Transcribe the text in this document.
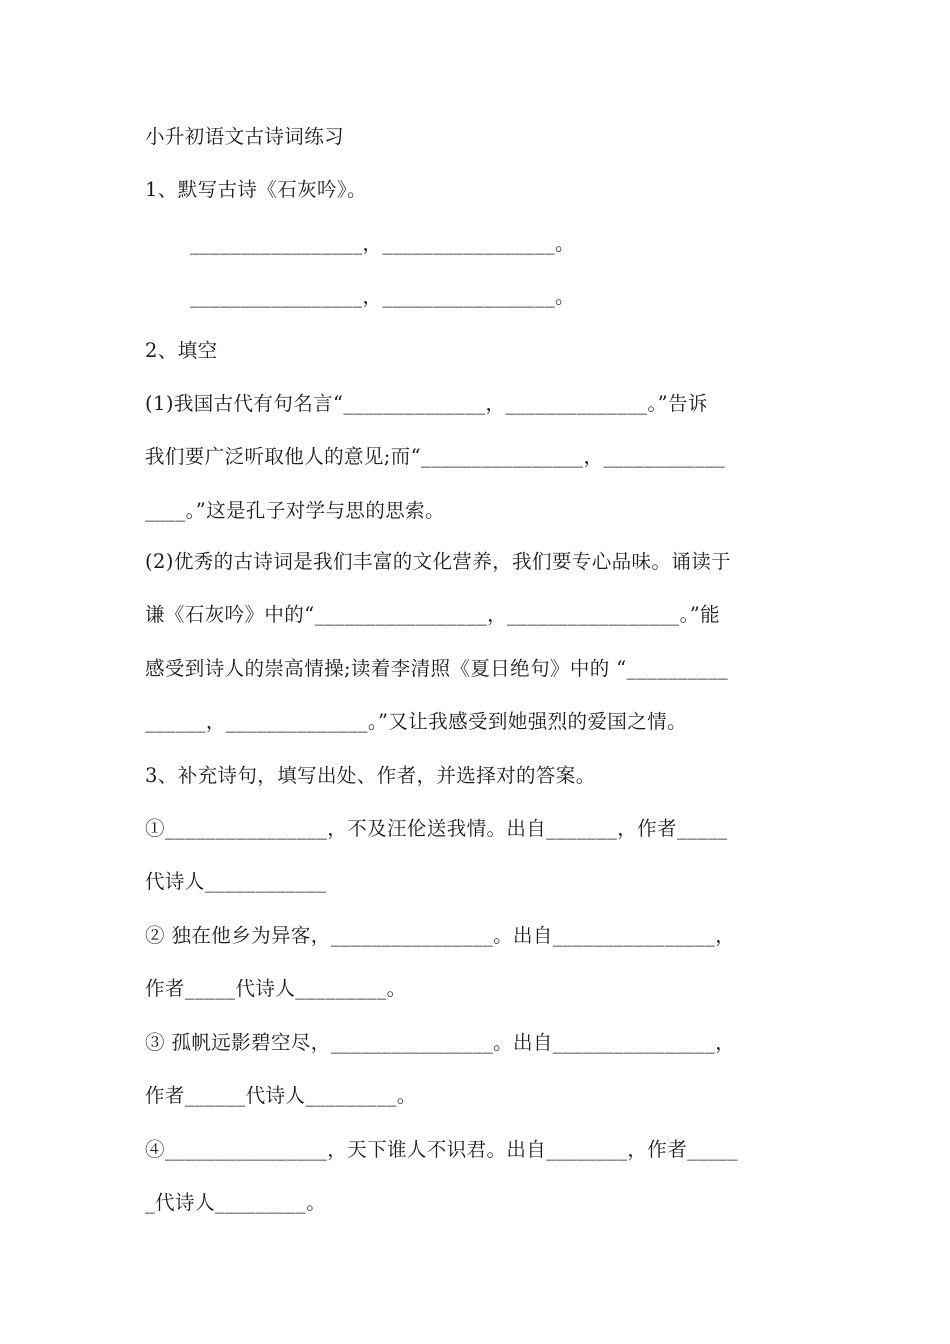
小升初语文古诗词练习
1、默写古诗《石灰吟》。
_________________，_________________。
_________________，_________________。
2、填空
(1)我国古代有句名言“______________，______________。”告诉
我们要广泛听取他人的意见;而“________________，____________
____。”这是孔子对学与思的思索。
(2)优秀的古诗词是我们丰富的文化营养，我们要专心品味。诵读于
谦《石灰吟》中的“_________________，_________________。”能
感受到诗人的崇高情操;读着李清照《夏日绝句》中的 “__________
______，______________。”又让我感受到她强烈的爱国之情。
3、补充诗句，填写出处、作者，并选择对的答案。
①________________，不及汪伦送我情。出自_______，作者_____
代诗人____________
② 独在他乡为异客，________________。出自________________，
作者_____代诗人_________。
③ 孤帆远影碧空尽，________________。出自________________，
作者______代诗人_________。
④________________，天下谁人不识君。出自________，作者_____
_代诗人_________。
